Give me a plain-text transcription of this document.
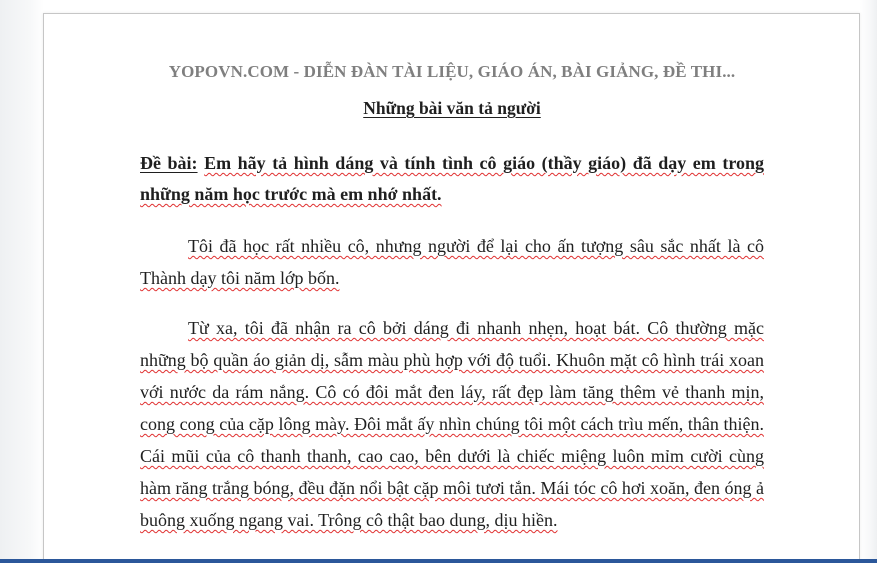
YOPOVN.COM - DIỄN ĐÀN TÀI LIỆU, GIÁO ÁN, BÀI GIẢNG, ĐỀ THI...
Những bài văn tả người
Đề bài: Em hãy tả hình dáng và tính tình cô giáo (thầy giáo) đã dạy em trong những năm học trước mà em nhớ nhất.
Tôi đã học rất nhiều cô, nhưng người để lại cho ấn tượng sâu sắc nhất là cô Thành dạy tôi năm lớp bốn.
Từ xa, tôi đã nhận ra cô bởi dáng đi nhanh nhẹn, hoạt bát. Cô thường mặc những bộ quần áo giản dị, sẫm màu phù hợp với độ tuổi. Khuôn mặt cô hình trái xoan với nước da rám nắng. Cô có đôi mắt đen láy, rất đẹp làm tăng thêm vẻ thanh mịn, cong cong của cặp lông mày. Đôi mắt ấy nhìn chúng tôi một cách trìu mến, thân thiện. Cái mũi của cô thanh thanh, cao cao, bên dưới là chiếc miệng luôn mỉm cười cùng hàm răng trắng bóng, đều đặn nổi bật cặp môi tươi tắn. Mái tóc cô hơi xoăn, đen óng ả buông xuống ngang vai. Trông cô thật bao dung, dịu hiền.
